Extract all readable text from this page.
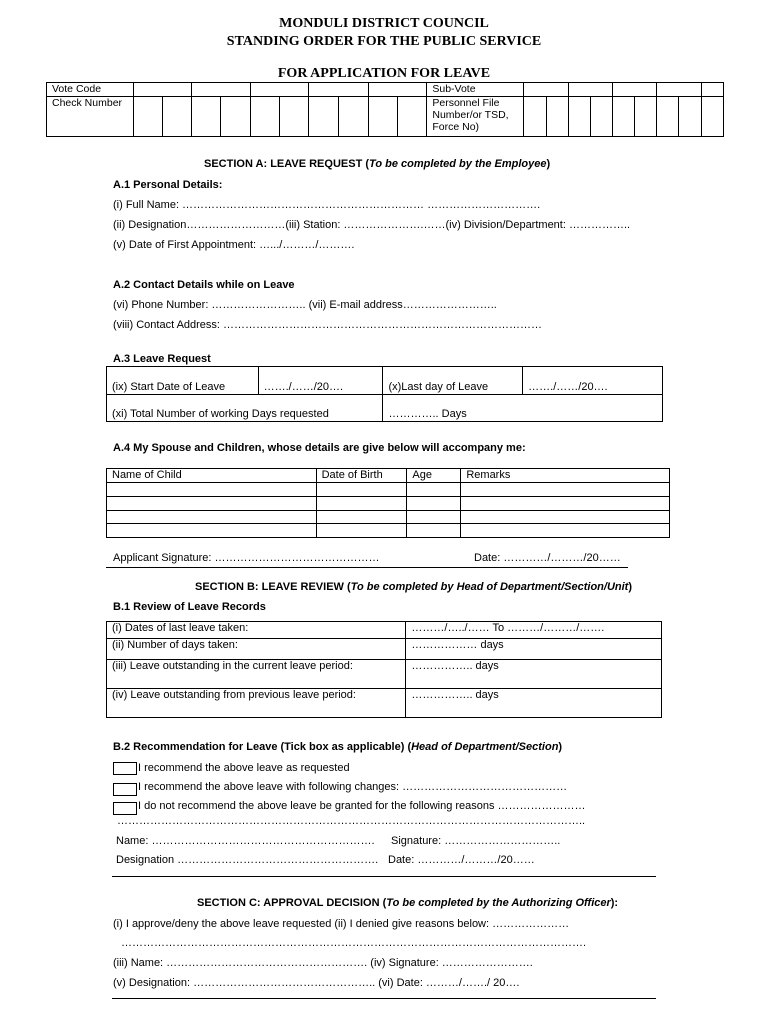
MONDULI DISTRICT COUNCIL
STANDING ORDER FOR THE PUBLIC SERVICE
FOR APPLICATION FOR LEAVE
Vote Code											Sub-Vote									
Check Number											Personnel File
Number/or TSD,
Force No)									

SECTION A: LEAVE REQUEST (To be completed by the Employee)
A.1 Personal Details:
(i) Full Name: ………………………………………………………… ………………………….
(ii) Designation………………………(iii) Station: ………………….……(iv) Division/Department: ……………..
(v) Date of First Appointment: ….../………/……….
A.2 Contact Details while on Leave
(vi) Phone Number: …………………….. (vii) E-mail address……………………..
(viii) Contact Address: ……………………………………………………………………………
A.3 Leave Request
(ix) Start Date of Leave	……./……/20….	(x)Last day of Leave	……./……/20….
(xi) Total Number of working Days requested		………….. Days	
A.4 My Spouse and Children, whose details are give below will accompany me:
Name of Child	Date of Birth	Age	Remarks

Applicant Signature: ………………………………………	Date: …………/………/20……
SECTION B: LEAVE REVIEW (To be completed by Head of Department/Section/Unit)
B.1 Review of Leave Records
(i) Dates of last leave taken:	………/…../…… To ………/………/…….
(ii) Number of days taken:	……………… days
(iii) Leave outstanding in the current leave period:	…………….. days
(iv) Leave outstanding from previous leave period:	…………….. days
B.2 Recommendation for Leave (Tick box as applicable) (Head of Department/Section)
I recommend the above leave as requested
I recommend the above leave with following changes: ………………………………………
I do not recommend the above leave be granted for the following reasons ……………………
………………………………………………………………………………………………………………..
Name: ……………………………………………………. Signature: …………………………..
Designation ………………………………………………. Date: …………/………/20……
SECTION C: APPROVAL DECISION (To be completed by the Authorizing Officer):
(i) I approve/deny the above leave requested (ii) I denied give reasons below: …………………
……………………………………………………………………………………………………………….
(iii) Name: ………………………………………………. (iv) Signature: …………………….
(v) Designation: ………………………………………….. (vi) Date: ………/……./ 20….
